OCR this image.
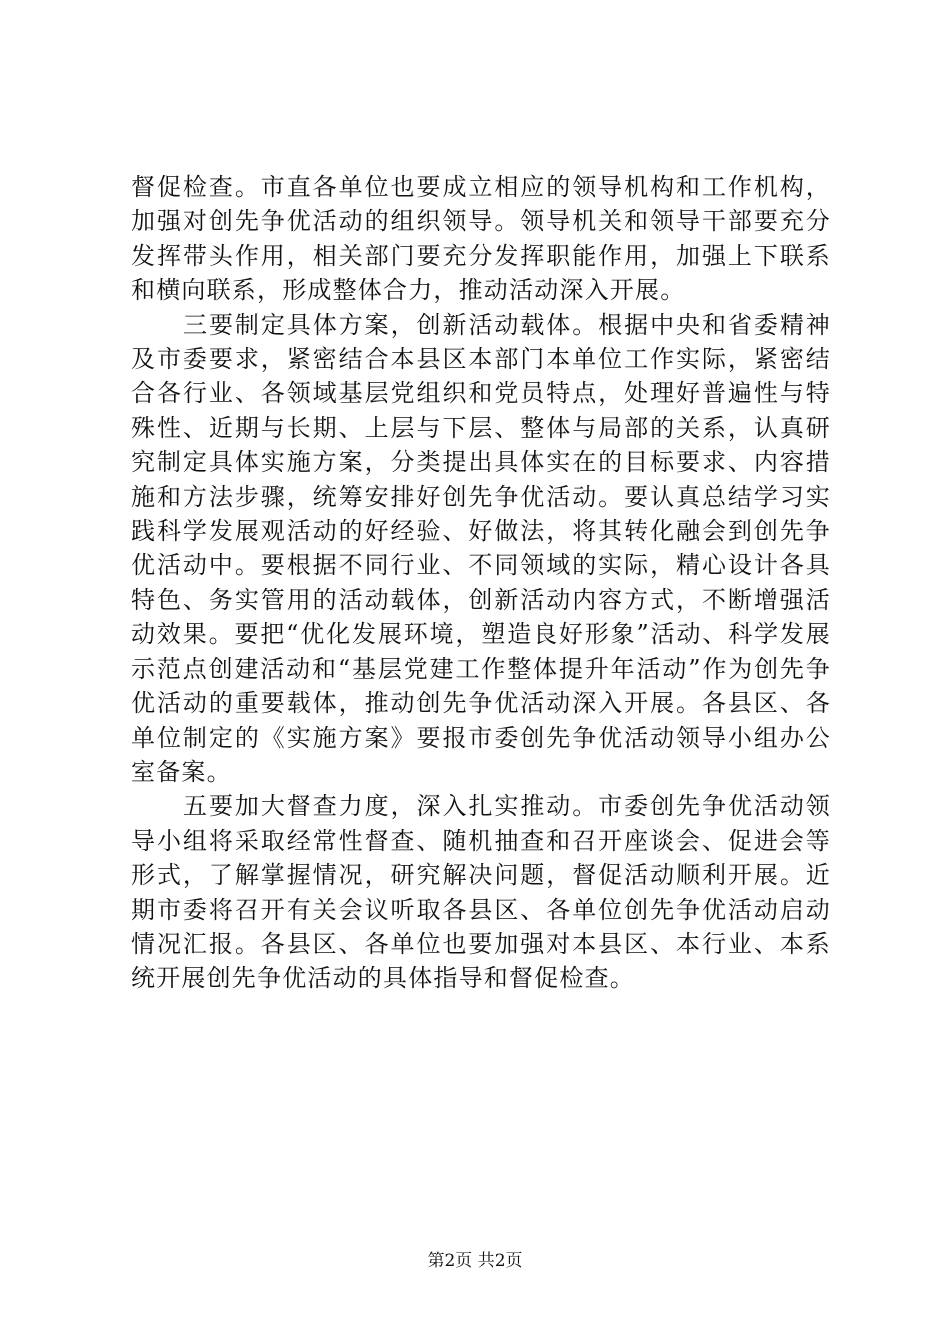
督促检查。市直各单位也要成立相应的领导机构和工作机构，加强对创先争优活动的组织领导。领导机关和领导干部要充分发挥带头作用，相关部门要充分发挥职能作用，加强上下联系和横向联系，形成整体合力，推动活动深入开展。

三要制定具体方案，创新活动载体。根据中央和省委精神及市委要求，紧密结合本县区本部门本单位工作实际，紧密结合各行业、各领域基层党组织和党员特点，处理好普遍性与特殊性、近期与长期、上层与下层、整体与局部的关系，认真研究制定具体实施方案，分类提出具体实在的目标要求、内容措施和方法步骤，统筹安排好创先争优活动。要认真总结学习实践科学发展观活动的好经验、好做法，将其转化融会到创先争优活动中。要根据不同行业、不同领域的实际，精心设计各具特色、务实管用的活动载体，创新活动内容方式，不断增强活动效果。要把“优化发展环境，塑造良好形象”活动、科学发展示范点创建活动和“基层党建工作整体提升年活动”作为创先争优活动的重要载体，推动创先争优活动深入开展。各县区、各单位制定的《实施方案》要报市委创先争优活动领导小组办公室备案。

五要加大督查力度，深入扎实推动。市委创先争优活动领导小组将采取经常性督查、随机抽查和召开座谈会、促进会等形式，了解掌握情况，研究解决问题，督促活动顺利开展。近期市委将召开有关会议听取各县区、各单位创先争优活动启动情况汇报。各县区、各单位也要加强对本县区、本行业、本系统开展创先争优活动的具体指导和督促检查。

第2页 共2页
